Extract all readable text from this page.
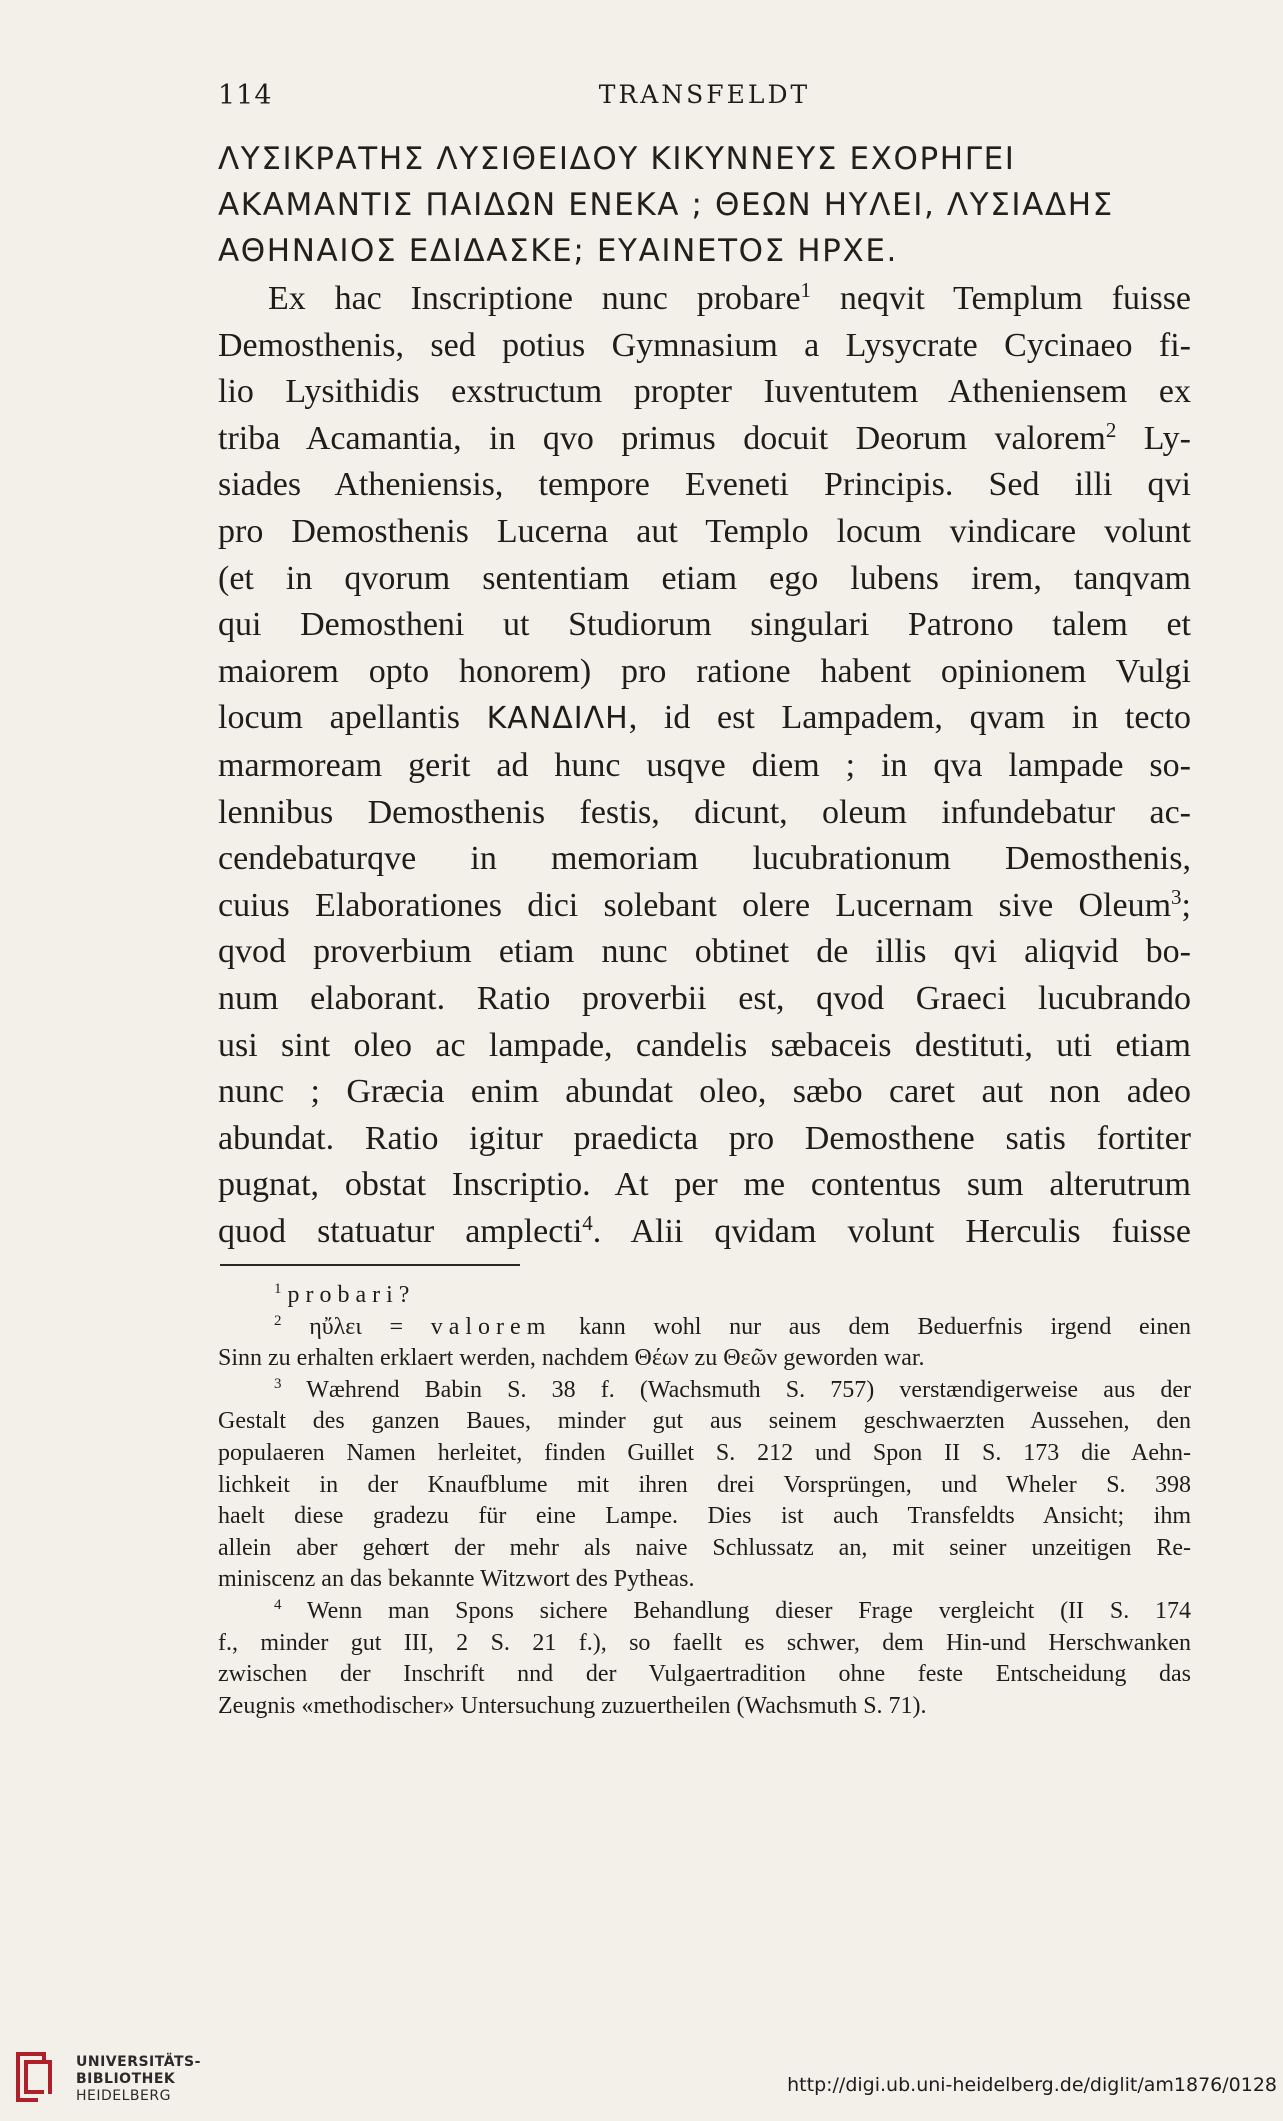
114	TRANSFELDT
ΛΥΣΙΚΡΑΤΗΣ ΛΥΣΙΘΕΙΔΟΥ ΚΙΚΥΝΝΕΥΣ ΕΧΟΡΗΓΕΙ
ΑΚΑΜΑΝΤΙΣ ΠΑΙΔΩΝ ΕΝΕΚΑ ; ΘΕΩΝ ΗΥΛΕΙ, ΛΥΣΙΑΔΗΣ
ΑΘΗΝΑΙΟΣ ΕΔΙΔΑΣΚΕ; ΕΥΑΙΝΕΤΟΣ ΗΡΧΕ.
Ex hac Inscriptione nunc probare$^1$ neqvit Templum fuisse
Demosthenis, sed potius Gymnasium a Lysycrate Cycinaeo fi-
lio Lysithidis exstructum propter Iuventutem Atheniensem ex
triba Acamantia, in qvo primus docuit Deorum valorem$^2$ Ly-
siades Atheniensis, tempore Eveneti Principis. Sed illi qvi
pro Demosthenis Lucerna aut Templo locum vindicare volunt
(et in qvorum sententiam etiam ego lubens irem, tanqvam
qui Demostheni ut Studiorum singulari Patrono talem et
maiorem opto honorem) pro ratione habent opinionem Vulgi
locum apellantis ΚΑΝΔΙΛΗ, id est Lampadem, qvam in tecto
marmoream gerit ad hunc usqve diem ; in qva lampade so-
lennibus Demosthenis festis, dicunt, oleum infundebatur ac-
cendebaturqve in memoriam lucubrationum Demosthenis,
cuius Elaborationes dici solebant olere Lucernam sive Oleum$^3$;
qvod proverbium etiam nunc obtinet de illis qvi aliqvid bo-
num elaborant. Ratio proverbii est, qvod Graeci lucubrando
usi sint oleo ac lampade, candelis sæbaceis destituti, uti etiam
nunc ; Græcia enim abundat oleo, sæbo caret aut non adeo
abundat. Ratio igitur praedicta pro Demosthene satis fortiter
pugnat, obstat Inscriptio. At per me contentus sum alterutrum
quod statuatur amplecti$^4$. Alii qvidam volunt Herculis fuisse
$^1$ probari?
$^2$ ηὔλει = valorem kann wohl nur aus dem Beduerfnis irgend einen
Sinn zu erhalten erklaert werden, nachdem Θέων zu Θεῶν geworden war.
$^3$ Wæhrend Babin S. 38 f. (Wachsmuth S. 757) verstændigerweise aus der
Gestalt des ganzen Baues, minder gut aus seinem geschwaerzten Aussehen, den
populaeren Namen herleitet, finden Guillet S. 212 und Spon II S. 173 die Aehn-
lichkeit in der Knaufblume mit ihren drei Vorsprüngen, und Wheler S. 398
haelt diese gradezu für eine Lampe. Dies ist auch Transfeldts Ansicht; ihm
allein aber gehœrt der mehr als naive Schlussatz an, mit seiner unzeitigen Re-
miniscenz an das bekannte Witzwort des Pytheas.
$^4$ Wenn man Spons sichere Behandlung dieser Frage vergleicht (II S. 174
f., minder gut III, 2 S. 21 f.), so faellt es schwer, dem Hin-und Herschwanken
zwischen der Inschrift nnd der Vulgaertradition ohne feste Entscheidung das
Zeugnis «methodischer» Untersuchung zuzuertheilen (Wachsmuth S. 71).
UNIVERSITÄTS-
BIBLIOTHEK
HEIDELBERG	http://digi.ub.uni-heidelberg.de/diglit/am1876/0128
